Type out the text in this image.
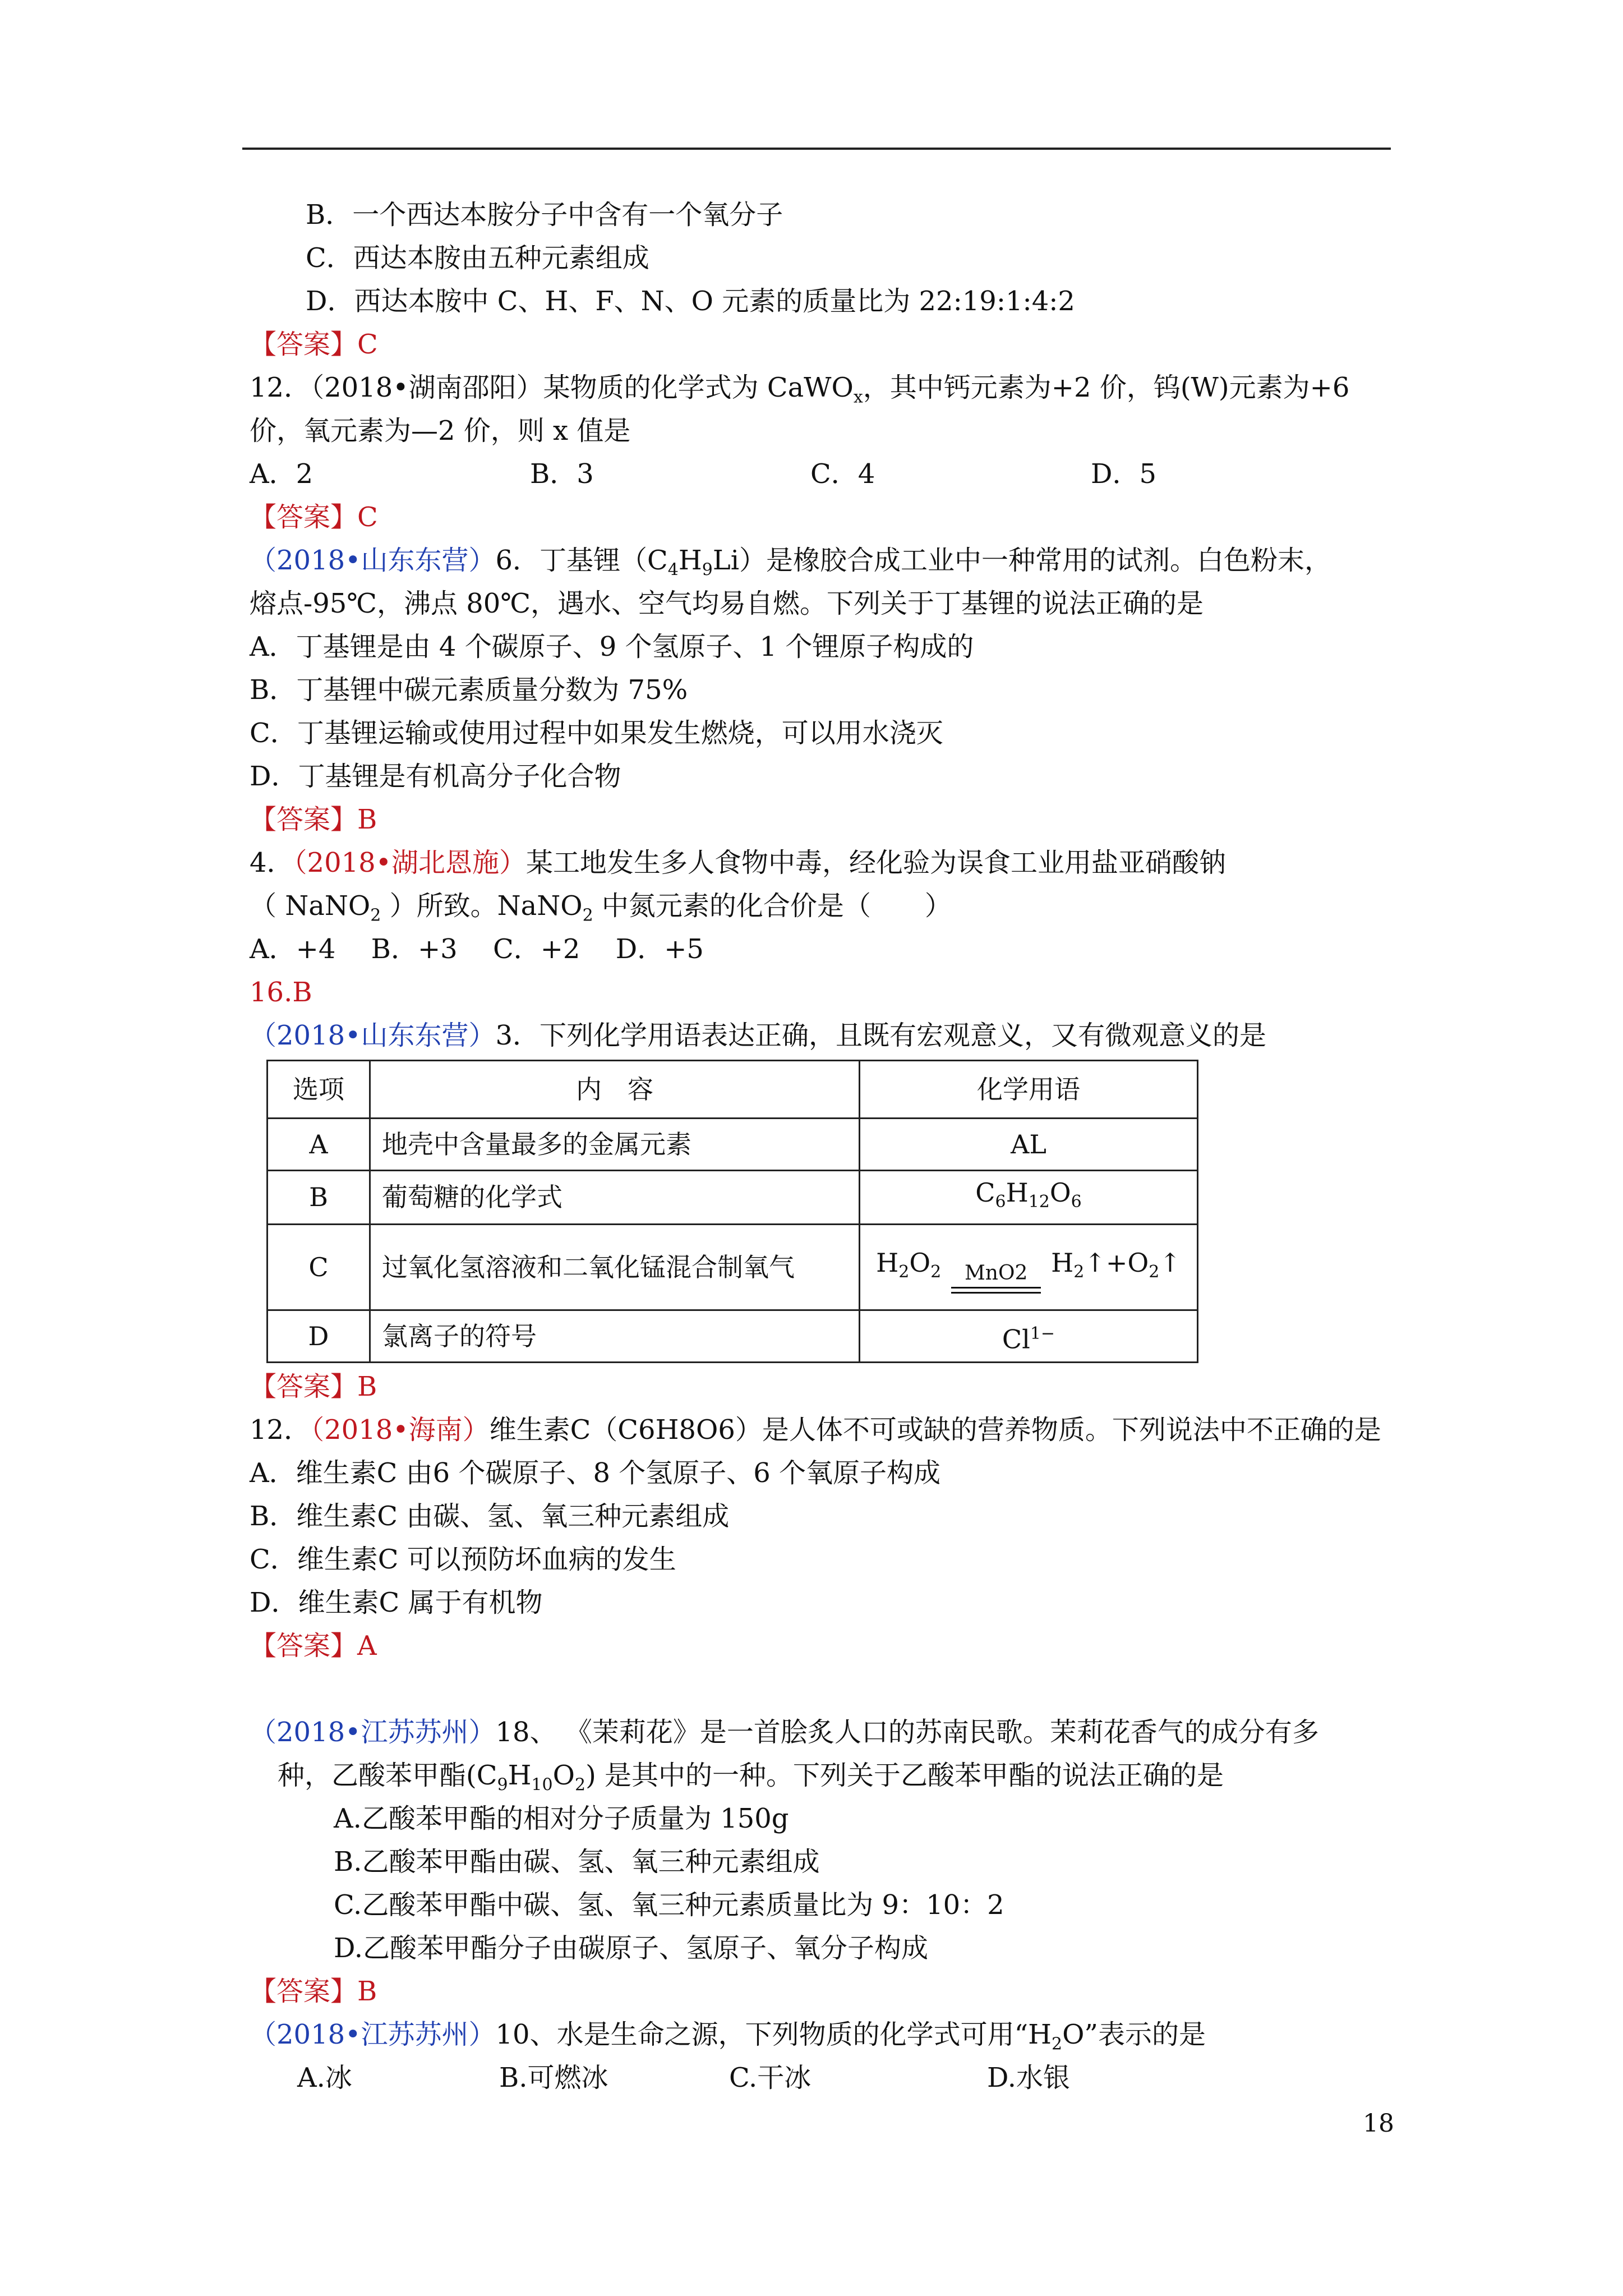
B．一个西达本胺分子中含有一个氧分子
C．西达本胺由五种元素组成
D．西达本胺中 C、H、F、N、O 元素的质量比为 22:19:1:4:2
【答案】C
12．（2018•湖南邵阳）某物质的化学式为 CaWO$_x$，其中钙元素为+2 价，钨(W)元素为+6
价，氧元素为—2 价，则 x 值是
A．2	B．3	C．4	D．5
【答案】C
（2018•山东东营）6．丁基锂$(C_4H_9Li)$是橡胶合成工业中一种常用的试剂。白色粉末，
熔点-95℃，沸点 80℃，遇水、空气均易自燃。下列关于丁基锂的说法正确的是
A．丁基锂是由 4 个碳原子、9 个氢原子、1 个锂原子构成的
B．丁基锂中碳元素质量分数为 75%
C．丁基锂运输或使用过程中如果发生燃烧，可以用水浇灭
D．丁基锂是有机高分子化合物
【答案】B
4．（2018•湖北恩施）某工地发生多人食物中毒，经化验为误食工业用盐亚硝酸钠
（ NaNO$_2$ ）所致。NaNO$_2$ 中氮元素的化合价是（　　）
A．+4　 B．+3　 C．+2　 D．+5
16.B
（2018•山东东营）3．下列化学用语表达正确，且既有宏观意义，又有微观意义的是
选项	内　容	化学用语
A	地壳中含量最多的金属元素	AL
B	葡萄糖的化学式	$C_6H_{12}O_6$
C	过氧化氢溶液和二氧化锰混合制氧气	$H_2O_2$ MnO2 $H_2↑+O_2↑$

D	氯离子的符号	$Cl^{1-}$
【答案】B
12．（2018•海南）维生素C（C6H8O6）是人体不可或缺的营养物质。下列说法中不正确的是
A．维生素C 由6 个碳原子、8 个氢原子、6 个氧原子构成
B．维生素C 由碳、氢、氧三种元素组成
C．维生素C 可以预防坏血病的发生
D．维生素C 属于有机物
【答案】A
（2018•江苏苏州）18、 《茉莉花》是一首脍炙人口的苏南民歌。茉莉花香气的成分有多
种，乙酸苯甲酯$(C_9H_{10}O_2)$ 是其中的一种。下列关于乙酸苯甲酯的说法正确的是
A.乙酸苯甲酯的相对分子质量为 150g
B.乙酸苯甲酯由碳、氢、氧三种元素组成
C.乙酸苯甲酯中碳、氢、氧三种元素质量比为 9：10：2
D.乙酸苯甲酯分子由碳原子、氢原子、氧分子构成
【答案】B
（2018•江苏苏州）10、水是生命之源，下列物质的化学式可用“$H_2O$”表示的是
A.冰	B.可燃冰	C.干冰	D.水银
18
